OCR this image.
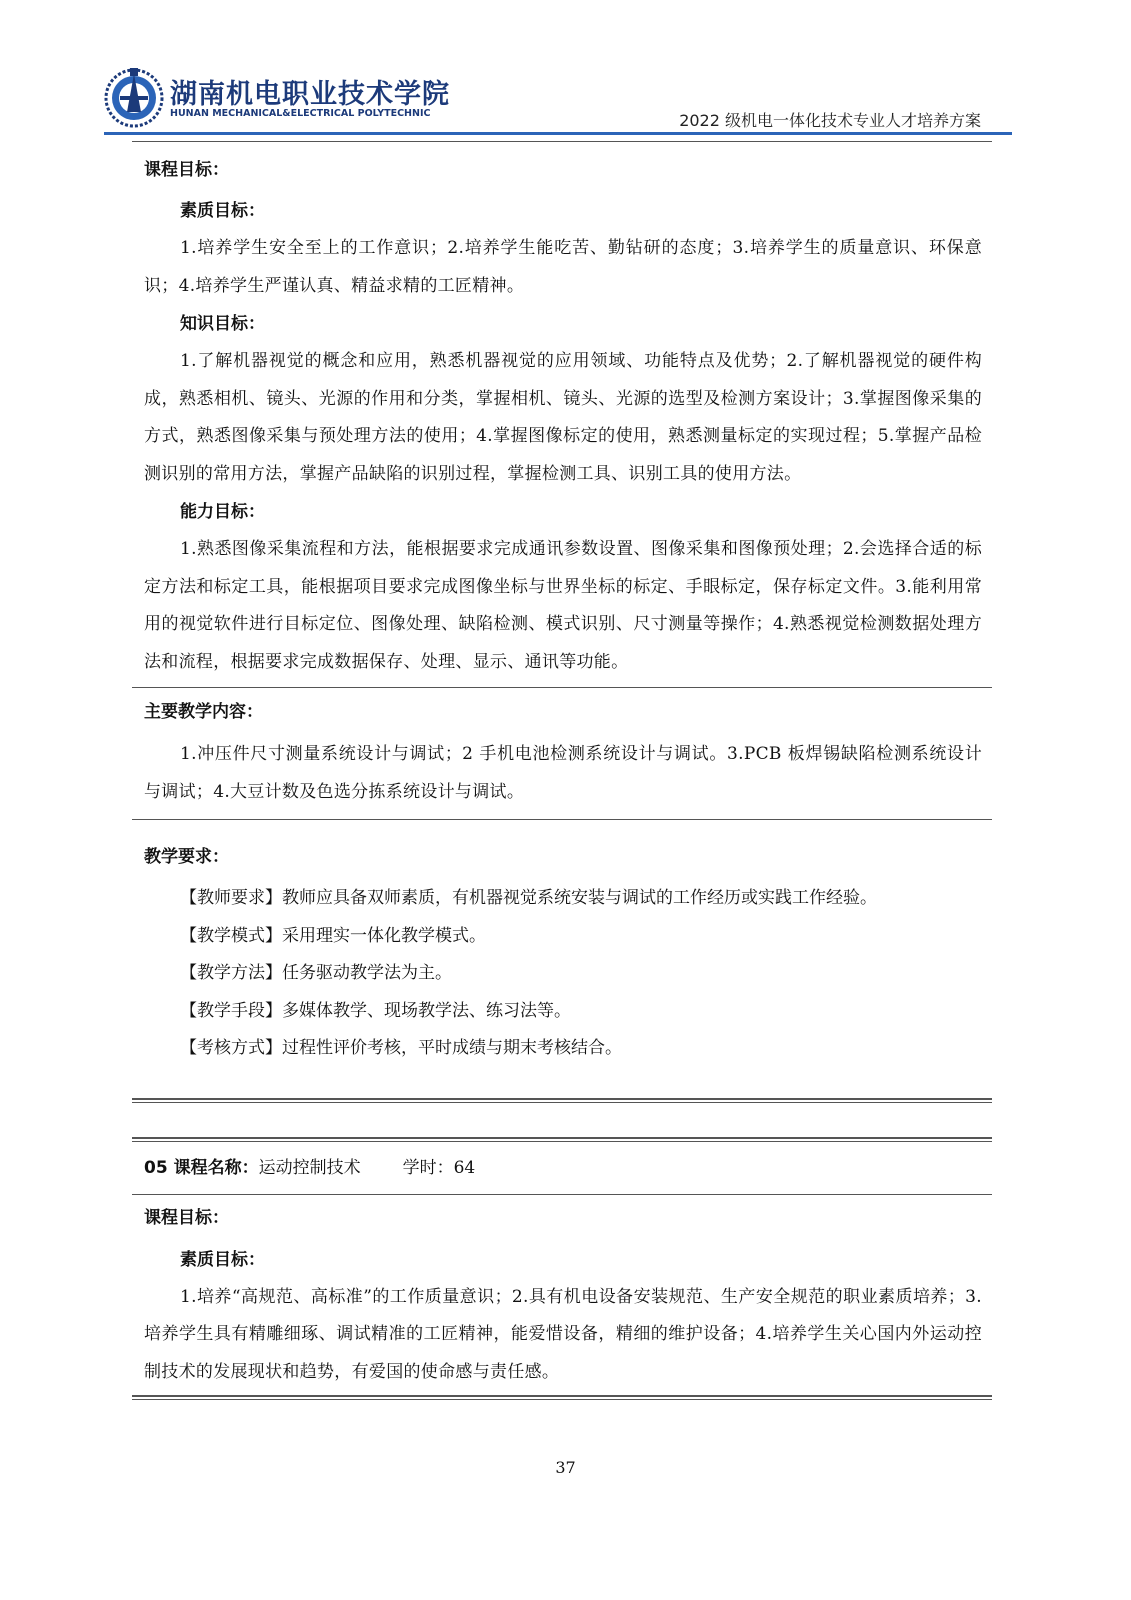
湖南机电职业技术学院
HUNAN MECHANICAL&ELECTRICAL POLYTECHNIC	2022 级机电一体化技术专业人才培养方案
课程目标：
素质目标：
1.培养学生安全至上的工作意识；2.培养学生能吃苦、勤钻研的态度；3.培养学生的质量意识、环保意识；4.培养学生严谨认真、精益求精的工匠精神。
知识目标：
1.了解机器视觉的概念和应用，熟悉机器视觉的应用领域、功能特点及优势；2.了解机器视觉的硬件构成，熟悉相机、镜头、光源的作用和分类，掌握相机、镜头、光源的选型及检测方案设计；3.掌握图像采集的方式，熟悉图像采集与预处理方法的使用；4.掌握图像标定的使用，熟悉测量标定的实现过程；5.掌握产品检测识别的常用方法，掌握产品缺陷的识别过程，掌握检测工具、识别工具的使用方法。
能力目标：
1.熟悉图像采集流程和方法，能根据要求完成通讯参数设置、图像采集和图像预处理；2.会选择合适的标定方法和标定工具，能根据项目要求完成图像坐标与世界坐标的标定、手眼标定，保存标定文件。3.能利用常用的视觉软件进行目标定位、图像处理、缺陷检测、模式识别、尺寸测量等操作；4.熟悉视觉检测数据处理方法和流程，根据要求完成数据保存、处理、显示、通讯等功能。
主要教学内容：
1.冲压件尺寸测量系统设计与调试；2 手机电池检测系统设计与调试。3.PCB 板焊锡缺陷检测系统设计与调试；4.大豆计数及色选分拣系统设计与调试。
教学要求：
【教师要求】教师应具备双师素质，有机器视觉系统安装与调试的工作经历或实践工作经验。
【教学模式】采用理实一体化教学模式。
【教学方法】任务驱动教学法为主。
【教学手段】多媒体教学、现场教学法、练习法等。
【考核方式】过程性评价考核，平时成绩与期末考核结合。
05 课程名称：运动控制技术 学时：64
课程目标：
素质目标：
1.培养“高规范、高标准”的工作质量意识；2.具有机电设备安装规范、生产安全规范的职业素质培养；3.培养学生具有精雕细琢、调试精准的工匠精神，能爱惜设备，精细的维护设备；4.培养学生关心国内外运动控制技术的发展现状和趋势，有爱国的使命感与责任感。
37
